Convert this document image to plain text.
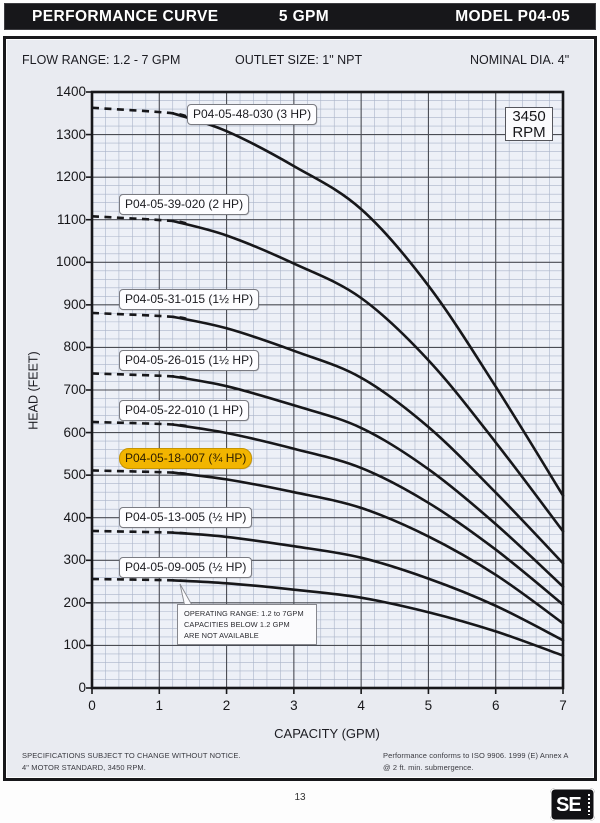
PERFORMANCE CURVE	5 GPM	MODEL P04-05
FLOW RANGE: 1.2 - 7 GPM	OUTLET SIZE: 1" NPT	NOMINAL DIA. 4"
0
100
200
300
400
500
600
700
800
900
1000
1100
1200
1300
1400
0	1	2	3	4	5	6	7
CAPACITY (GPM)
HEAD (FEET)
3450
RPM
P04-05-48-030 (3 HP)
P04-05-39-020 (2 HP)
P04-05-31-015 (1½ HP)
P04-05-26-015 (1½ HP)
P04-05-22-010 (1 HP)
P04-05-18-007 (¾ HP)
P04-05-13-005 (½ HP)
P04-05-09-005 (½ HP)
OPERATING RANGE: 1.2 to 7GPM
CAPACITIES BELOW 1.2 GPM
ARE NOT AVAILABLE
SPECIFICATIONS SUBJECT TO CHANGE WITHOUT NOTICE.
4" MOTOR STANDARD, 3450 RPM.
Performance conforms to ISO 9906. 1999 (E) Annex A
@ 2 ft. min. submergence.
13	SE
